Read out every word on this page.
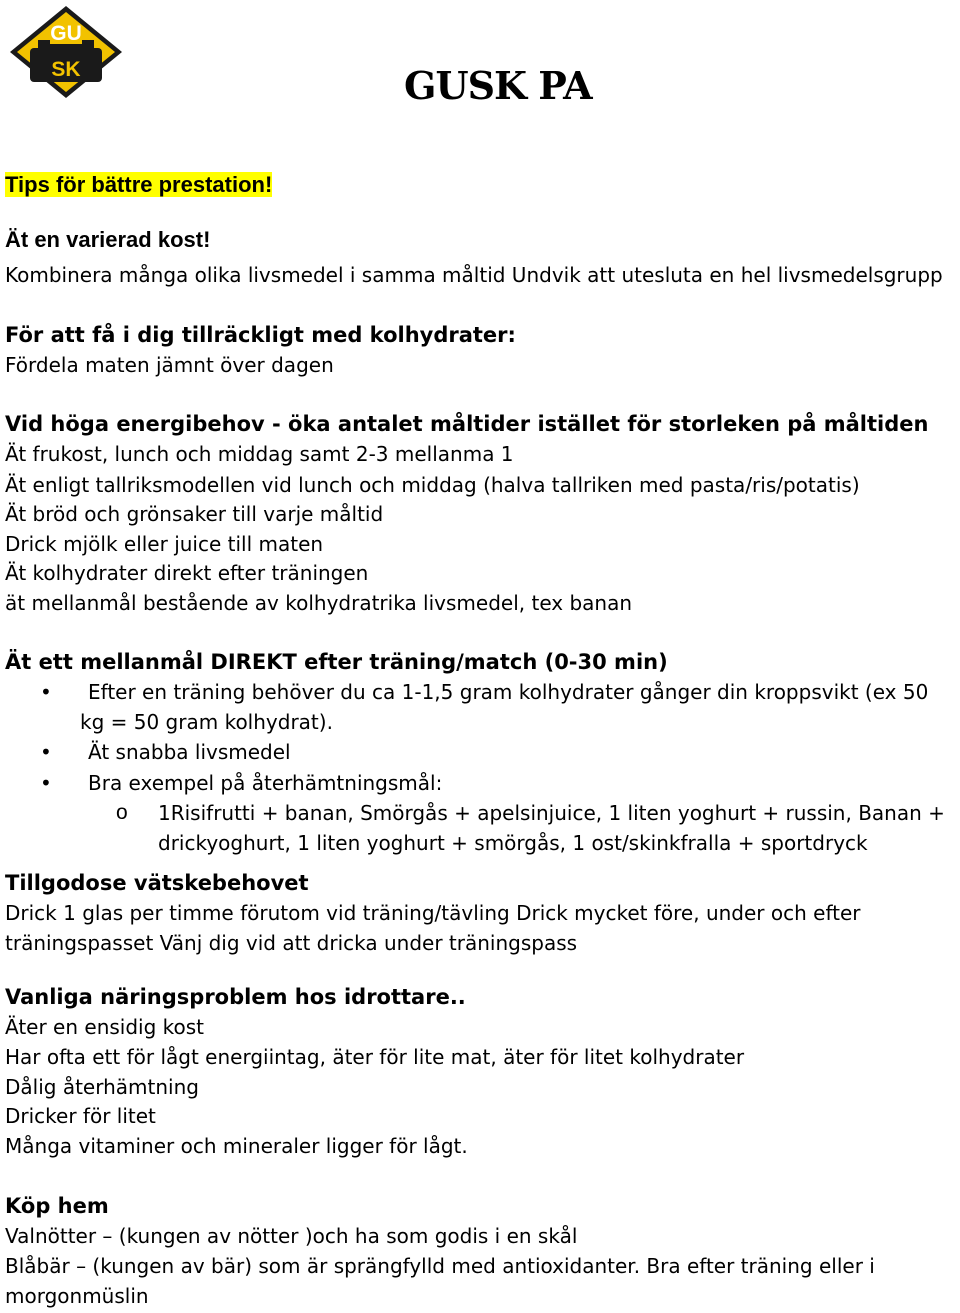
GU
SK	GUSK PA
Tips för bättre prestation!
Ät en varierad kost!
Kombinera många olika livsmedel i samma måltid Undvik att utesluta en hel livsmedelsgrupp
För att få i dig tillräckligt med kolhydrater:
Fördela maten jämnt över dagen
Vid höga energibehov - öka antalet måltider istället för storleken på måltiden
Ät frukost, lunch och middag samt 2-3 mellanma 1
Ät enligt tallriksmodellen vid lunch och middag (halva tallriken med pasta/ris/potatis)
Ät bröd och grönsaker till varje måltid
Drick mjölk eller juice till maten
Ät kolhydrater direkt efter träningen
ät mellanmål bestående av kolhydratrika livsmedel, tex banan
Ät ett mellanmål DIREKT efter träning/match (0-30 min)
• Efter en träning behöver du ca 1-1,5 gram kolhydrater gånger din kroppsvikt (ex 50
kg = 50 gram kolhydrat).
• Ät snabba livsmedel
• Bra exempel på återhämtningsmål:
o 1Risifrutti + banan, Smörgås + apelsinjuice, 1 liten yoghurt + russin, Banan +
drickyoghurt, 1 liten yoghurt + smörgås, 1 ost/skinkfralla + sportdryck
Tillgodose vätskebehovet
Drick 1 glas per timme förutom vid träning/tävling Drick mycket före, under och efter
träningspasset Vänj dig vid att dricka under träningspass
Vanliga näringsproblem hos idrottare..
Äter en ensidig kost
Har ofta ett för lågt energiintag, äter för lite mat, äter för litet kolhydrater
Dålig återhämtning
Dricker för litet
Många vitaminer och mineraler ligger för lågt.
Köp hem
Valnötter – (kungen av nötter )och ha som godis i en skål
Blåbär – (kungen av bär) som är sprängfylld med antioxidanter. Bra efter träning eller i
morgonmüslin
